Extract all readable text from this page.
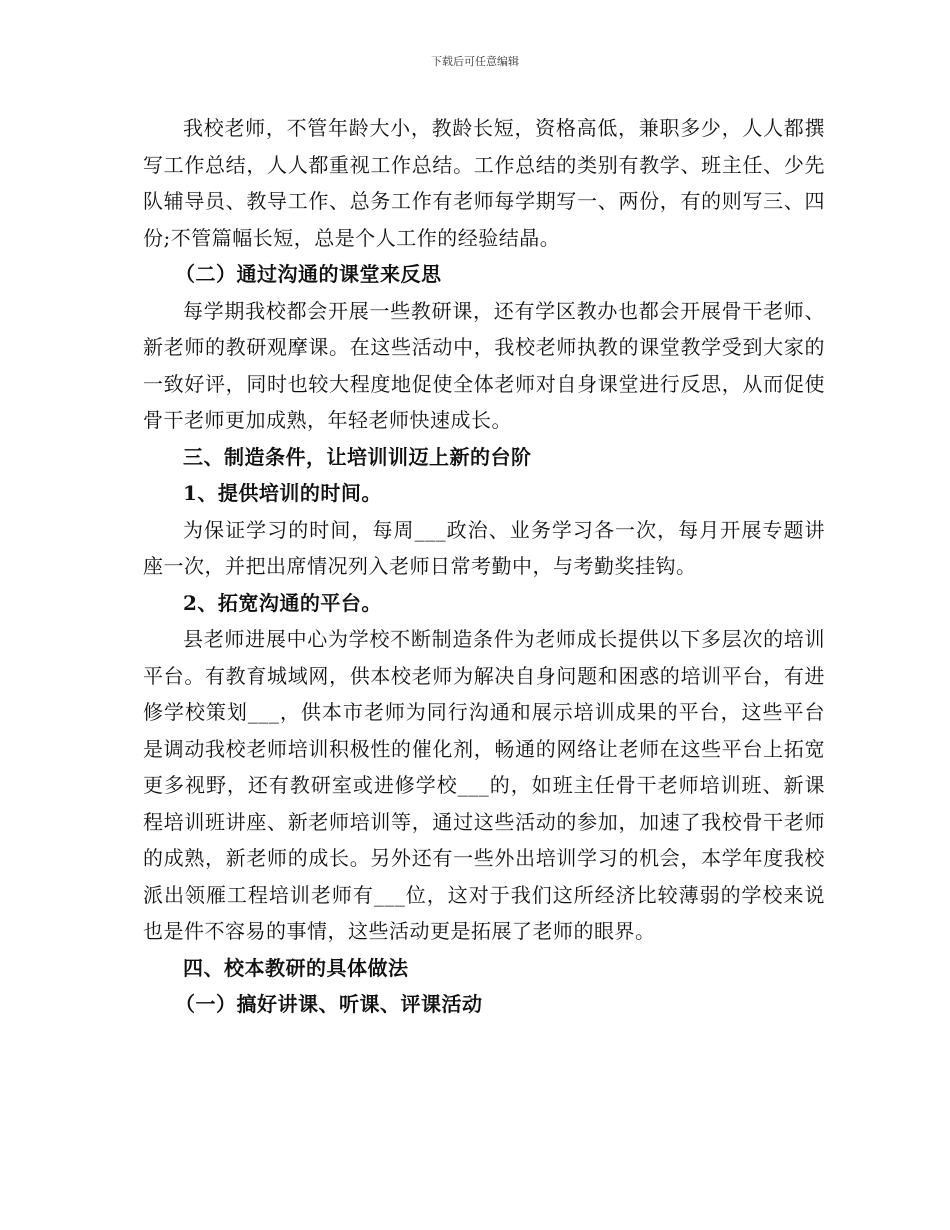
下载后可任意编辑

我校老师，不管年龄大小，教龄长短，资格高低，兼职多少，人人都撰写工作总结，人人都重视工作总结。工作总结的类别有教学、班主任、少先队辅导员、教导工作、总务工作有老师每学期写一、两份，有的则写三、四份;不管篇幅长短，总是个人工作的经验结晶。

（二）通过沟通的课堂来反思

每学期我校都会开展一些教研课，还有学区教办也都会开展骨干老师、新老师的教研观摩课。在这些活动中，我校老师执教的课堂教学受到大家的一致好评，同时也较大程度地促使全体老师对自身课堂进行反思，从而促使骨干老师更加成熟，年轻老师快速成长。

三、制造条件，让培训训迈上新的台阶

1、提供培训的时间。

为保证学习的时间，每周___政治、业务学习各一次，每月开展专题讲座一次，并把出席情况列入老师日常考勤中，与考勤奖挂钩。

2、拓宽沟通的平台。

县老师进展中心为学校不断制造条件为老师成长提供以下多层次的培训平台。有教育城域网，供本校老师为解决自身问题和困惑的培训平台，有进修学校策划___，供本市老师为同行沟通和展示培训成果的平台，这些平台是调动我校老师培训积极性的催化剂，畅通的网络让老师在这些平台上拓宽更多视野，还有教研室或进修学校___的，如班主任骨干老师培训班、新课程培训班讲座、新老师培训等，通过这些活动的参加，加速了我校骨干老师的成熟，新老师的成长。另外还有一些外出培训学习的机会，本学年度我校派出领雁工程培训老师有___位，这对于我们这所经济比较薄弱的学校来说也是件不容易的事情，这些活动更是拓展了老师的眼界。

四、校本教研的具体做法

（一）搞好讲课、听课、评课活动
